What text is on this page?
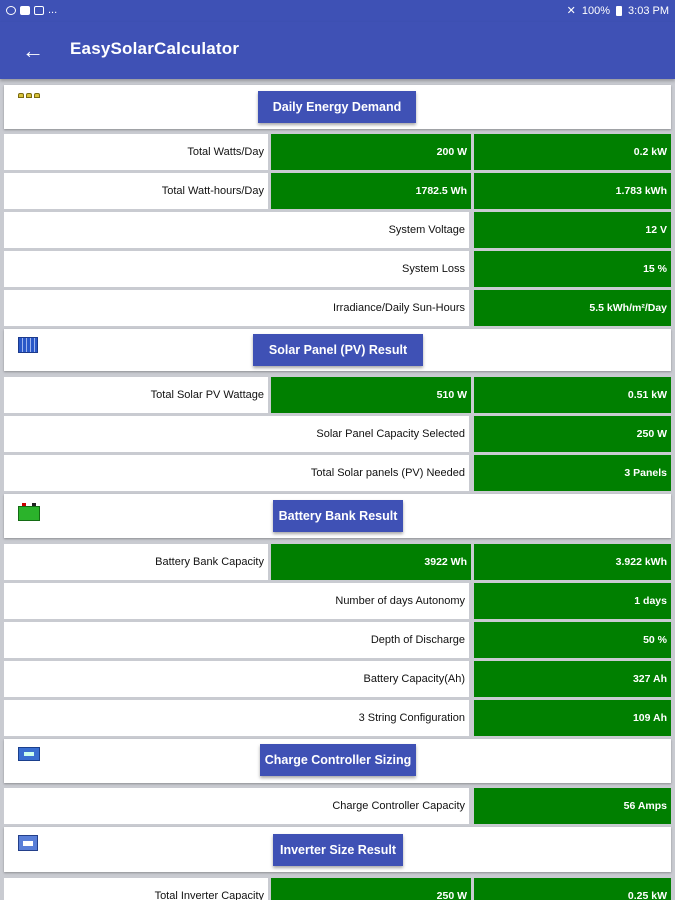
...	✕ 100% 3:03 PM
← EasySolarCalculator
Daily Energy Demand
Total Watts/Day	200 W	0.2 kW
Total Watt-hours/Day	1782.5 Wh	1.783 kWh
System Voltage	12 V
System Loss	15 %
Irradiance/Daily Sun-Hours	5.5 kWh/m²/Day
Solar Panel (PV) Result
Total Solar PV Wattage	510 W	0.51 kW
Solar Panel Capacity Selected	250 W
Total Solar panels (PV) Needed	3 Panels
Battery Bank Result
Battery Bank Capacity	3922 Wh	3.922 kWh
Number of days Autonomy	1 days
Depth of Discharge	50 %
Battery Capacity(Ah)	327 Ah
3 String Configuration	109 Ah
Charge Controller Sizing
Charge Controller Capacity	56 Amps
Inverter Size Result
Total Inverter Capacity	250 W	0.25 kW
